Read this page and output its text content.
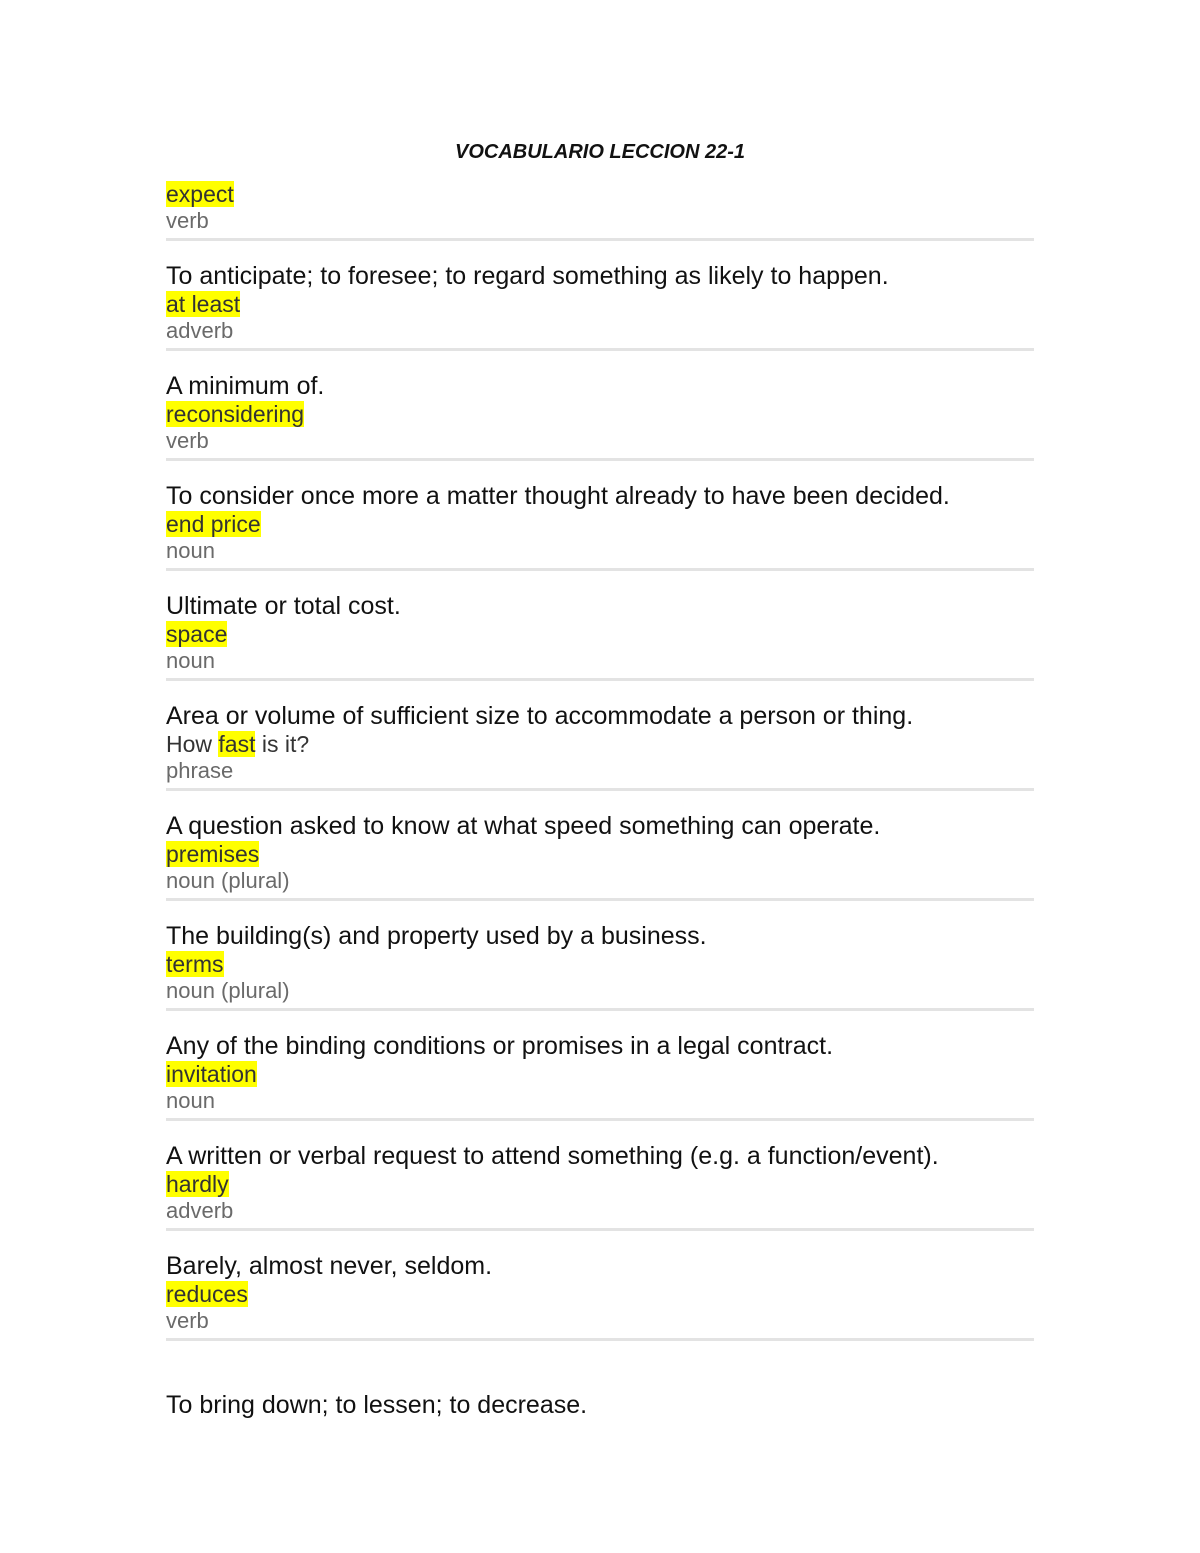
VOCABULARIO LECCION 22-1

expect

verb

To anticipate; to foresee; to regard something as likely to happen.

at least

adverb

A minimum of.

reconsidering

verb

To consider once more a matter thought already to have been decided.

end price

noun

Ultimate or total cost.

space

noun

Area or volume of sufficient size to accommodate a person or thing.

How fast is it?

phrase

A question asked to know at what speed something can operate.

premises

noun (plural)

The building(s) and property used by a business.

terms

noun (plural)

Any of the binding conditions or promises in a legal contract.

invitation

noun

A written or verbal request to attend something (e.g. a function/event).

hardly

adverb

Barely, almost never, seldom.

reduces

verb

To bring down; to lessen; to decrease.
